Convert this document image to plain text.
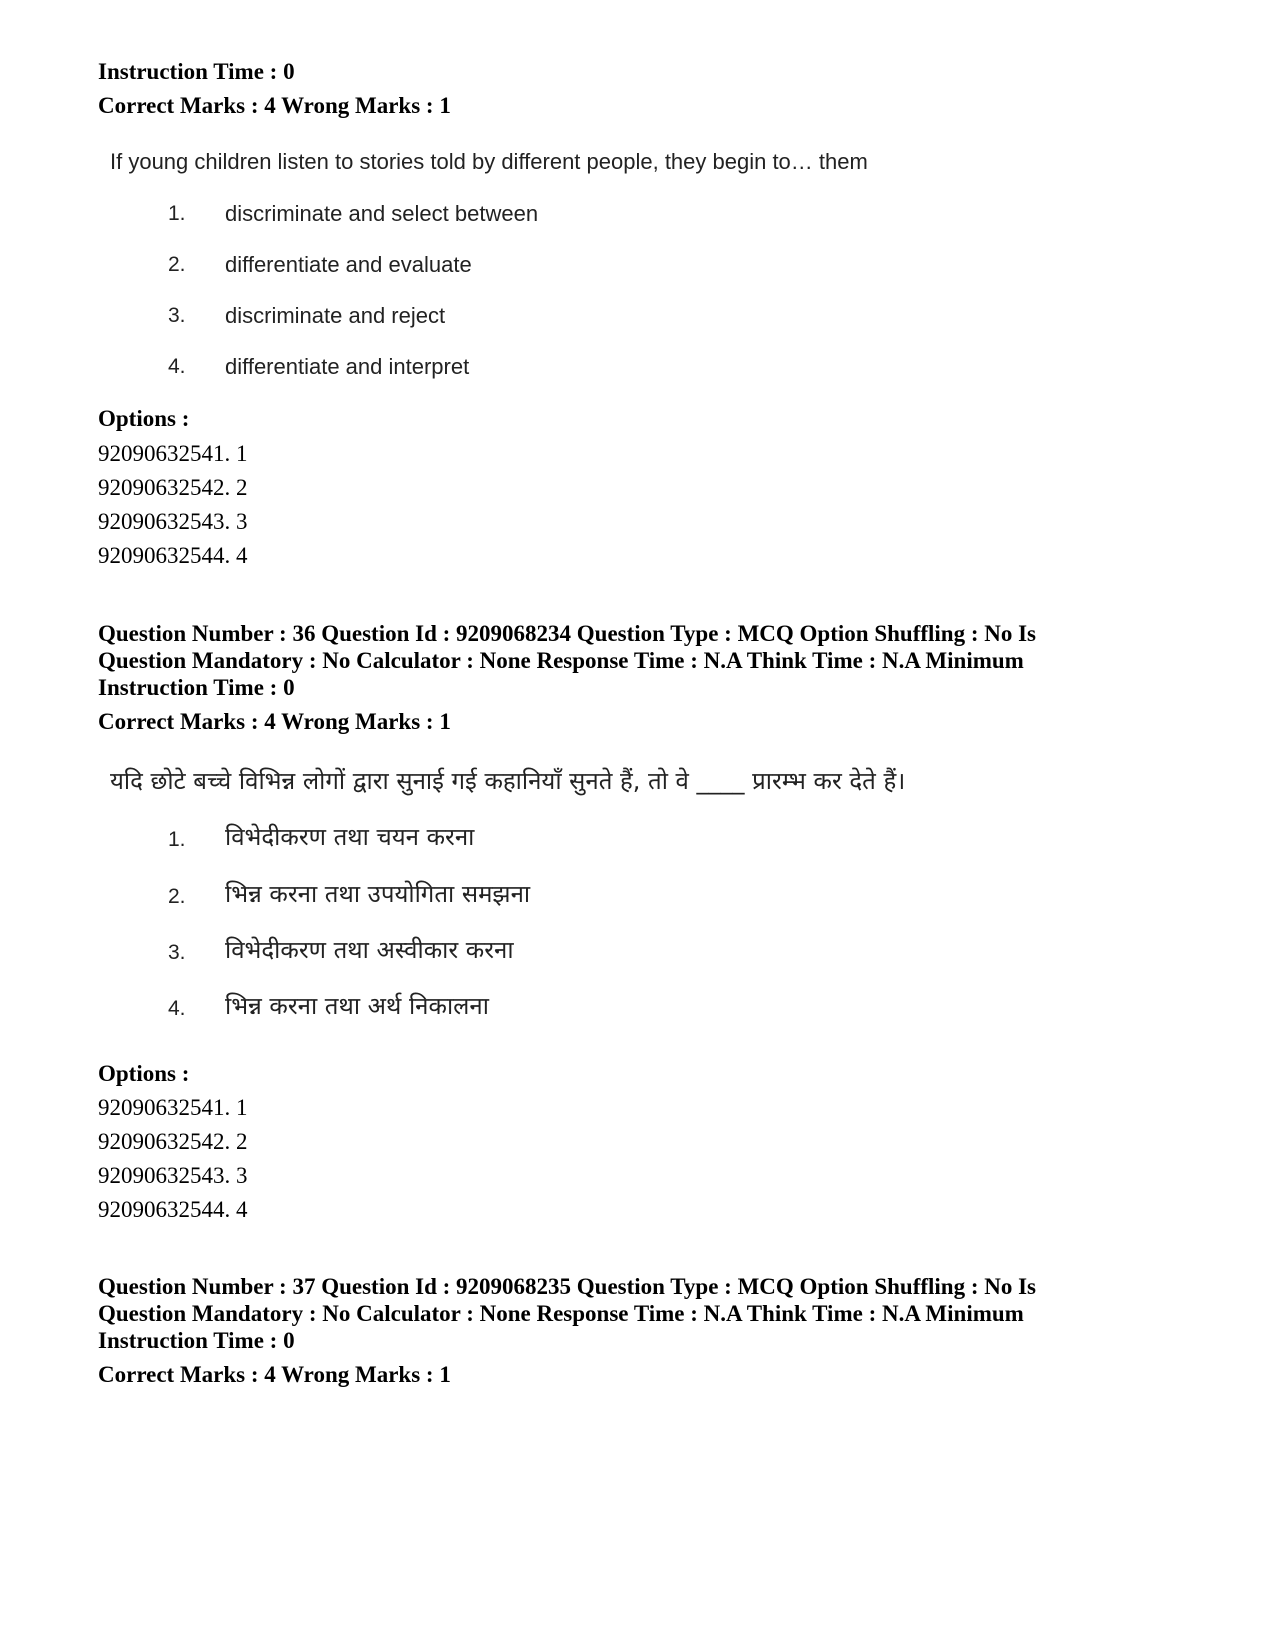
Instruction Time : 0
Correct Marks : 4 Wrong Marks : 1
If young children listen to stories told by different people, they begin to… them
1. discriminate and select between
2. differentiate and evaluate
3. discriminate and reject
4. differentiate and interpret
Options :
92090632541. 1
92090632542. 2
92090632543. 3
92090632544. 4
Question Number : 36 Question Id : 9209068234 Question Type : MCQ Option Shuffling : No Is
Question Mandatory : No Calculator : None Response Time : N.A Think Time : N.A Minimum
Instruction Time : 0
Correct Marks : 4 Wrong Marks : 1
यदि छोटे बच्चे विभिन्न लोगों द्वारा सुनाई गई कहानियाँ सुनते हैं, तो वे ____ प्रारम्भ कर देते हैं।
1. विभेदीकरण तथा चयन करना
2. भिन्न करना तथा उपयोगिता समझना
3. विभेदीकरण तथा अस्वीकार करना
4. भिन्न करना तथा अर्थ निकालना
Options :
92090632541. 1
92090632542. 2
92090632543. 3
92090632544. 4
Question Number : 37 Question Id : 9209068235 Question Type : MCQ Option Shuffling : No Is
Question Mandatory : No Calculator : None Response Time : N.A Think Time : N.A Minimum
Instruction Time : 0
Correct Marks : 4 Wrong Marks : 1
